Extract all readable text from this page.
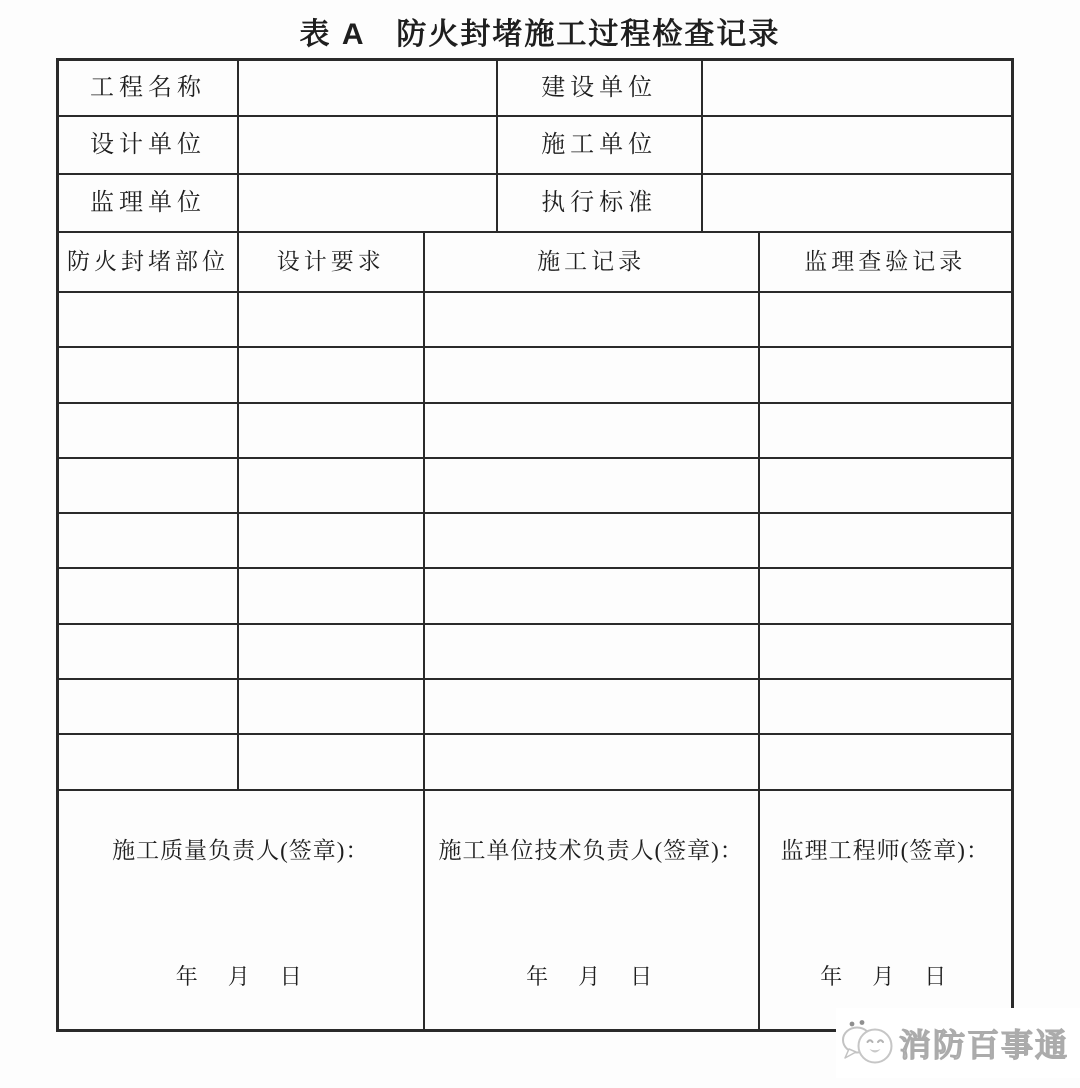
表 A　防火封堵施工过程检查记录
工程名称	建设单位
设计单位	施工单位
监理单位	执行标准
防火封堵部位	设计要求	施工记录	监理查验记录
施工质量负责人(签章)：
年　月　日
施工单位技术负责人(签章)：
年　月　日
监理工程师(签章)：
年　月　日
消防百事通
